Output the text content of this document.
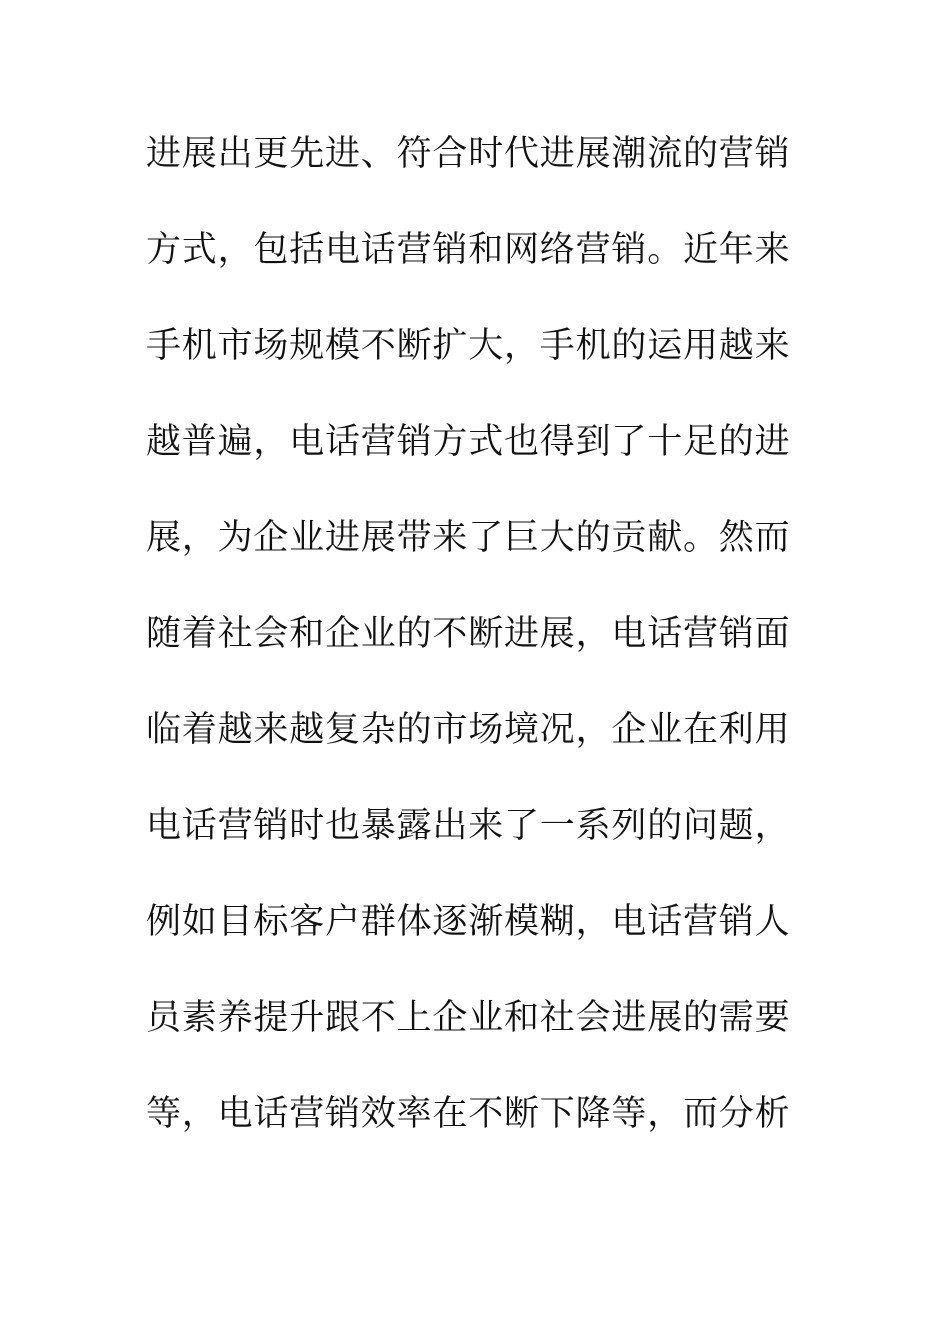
进展出更先进、符合时代进展潮流的营销
方式，包括电话营销和网络营销。近年来
手机市场规模不断扩大，手机的运用越来
越普遍，电话营销方式也得到了十足的进
展，为企业进展带来了巨大的贡献。然而
随着社会和企业的不断进展，电话营销面
临着越来越复杂的市场境况，企业在利用
电话营销时也暴露出来了一系列的问题，
例如目标客户群体逐渐模糊，电话营销人
员素养提升跟不上企业和社会进展的需要
等，电话营销效率在不断下降等，而分析
